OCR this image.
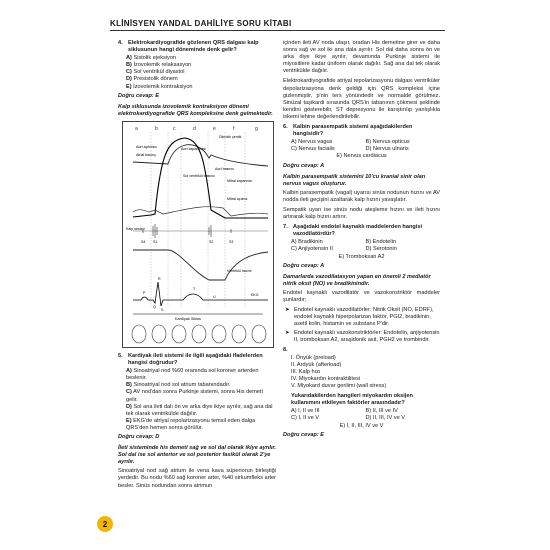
KLİNİSYEN YANDAL DAHİLİYE SORU KİTABI
4. Elektrokardiyografide gözlenen QRS dalgası kalp siklusunun hangi döneminde denk gelir?
A) Sistolik ejeksiyon
B) İzovolemik relaksasyon
C) Sol ventrikül diyastol
D) Presistolik dönem
E) İzovolemik kontraksiyon
Doğru cevap: E
Kalp siklusunda izovolemik kontraksiyon dönemi elektrokardiyografide QRS kompleksine denk gelmektedir.
a	b	c	d	e	f	g
Aort açılması
Atrial basınç
Dikrotik çentik
Aort kapanması
Sol ventrikül basıncı
Mitral kapanma
Mitral açılma
Aort basıncı
Kalp sesleri
S1	S2	S3
S4
Ventrikül hacmi
P
Q
R
S
T
U	EKG
Kardiyak Siklus
5. Kardiyak ileti sistemi ile ilgili aşağıdaki ifadelerden hangisi doğrudur?
A) Sinoatriyal nod %60 oranında sol koroner arterden beslenir.
B) Sinoatriyal nod sol atrium tabanındadır.
C) AV nod'dan sonra Purkinje sistemi, sonra His demeti gelir.
D) Sol ana ileti dalı ön ve arka diye ikiye ayrılır, sağ ana dal tek olarak ventrikülde dağılır.
E) EKG'de atriyal repolarizasyonu temsil eden dalga QRS'den hemen sonra görülür.
Doğru cevap: D
İleti sisteminde his demeti sağ ve sol dal olarak ikiye ayrılır. Sol dal ise sol anterior ve sol posterior fasikül olarak 2'ye ayrılır.
Sinoatriyal nod sağ atrium ile vena kava süperiorun birleştiği yerdedir. Bu nodu %60 sağ koroner arter, %40 sirkumfleks arter besler. Sinüs nodundan sonra atrimun
içinden ileti AV noda ulaşır, oradan His demetine girer ve daha sonra sağ ve sol iki ana dala ayrılır. Sol dal daha sonra ön ve arka diye ikiye ayrılır, devamında Purkinje sistemi ile miyositlere kadar üniform olarak dağılır. Sağ ana dal tek olarak ventrikülde dağılır.
Elektrokardiyografide atriyal repolarizasyonu dalgası ventriküler depolarizasyona denk geldiği için QRS kompleksi içine gizlenmiştir, p'nin ters yönündedir ve normalde görülmez. Sinüzal taşikardi sırasında QRS'in tabanının çökmesi şeklinde kendini gösterebilir, ST depresyonu ile karıştırılıp yanlışlıkla iskemi lehine değerlendirilebilir.
6. Kalbin parasempatik sistemi aşağıdakilerden hangisidir?
A) Nervus vagus	B) Nervus opticus
C) Nervus facialis	D) Nervus ulnaris
E) Nervus cardiacus
Doğru cevap: A
Kalbin parasempatik sistemini 10'cu kranial sinir olan nervus vagus oluşturur.
Kalbin parasempatik (vagal) uyarısı sinüs nodunun hızını ve AV nodda ileti geçişini azaltarak kalp hızını yavaşlatır.
Sempatik uyarı ise sinüs nodu ateşleme hızını ve ileti hızını artırarak kalp hızını artırır.
7. Aşağıdaki endotel kaynaklı maddelerden hangisi vazodilatördür?
A) Bradikinin	B) Endotelin
C) Anjiyotensin II	D) Serotonin
E) Tromboksan A2
Doğru cevap: A
Damarlarda vazodilatasyon yapan en önemli 2 mediatör nitrik oksit (NO) ve bradikinindir.
Endotel kaynaklı vazodilatör ve vazokonstriktör maddeler şunlardır;
➤ Endotel kaynaklı vazodilatörler: Nitrik Oksit (NO, EDRF), endotel kaynaklı hiperpolarizan faktör, PGI2, bradikinin, asetil kolin, histamin ve substans P'dir.
➤ Endotel kaynaklı vazokonstriktörler: Endotelin, anjiyotensin II, tromboksan A2, araşidonik asit, PGH2 ve trombindir.
8.
I. Önyük (preload)
II. Ardyük (afterload)
III. Kalp hızı
IV. Miyokardın kontraktilitesi
V. Miyokard duvar gerilimi (wall stress)
Yukarıdakilerden hangileri miyokardın oksijen kullanımını etkileyen faktörler arasındadır?
A) I, II ve III	B) II, III ve IV
C) I, II ve V	D) II, III, IV ve V
E) I, II, III, IV ve V
Doğru cevap: E
2
